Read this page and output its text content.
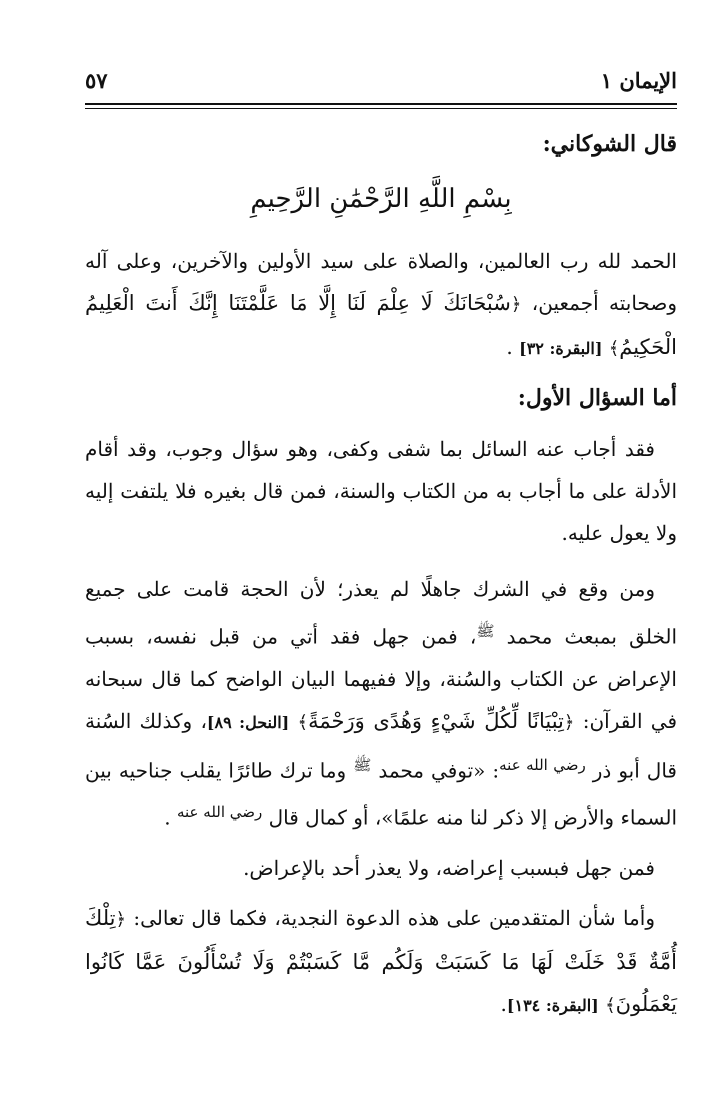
الإيمان ١
٥٧
قال الشوكاني:
بِسْمِ اللَّهِ الرَّحْمَٰنِ الرَّحِيمِ

الحمد لله رب العالمين، والصلاة على سيد الأولين والآخرين، وعلى آله وصحابته أجمعين، ﴿سُبْحَانَكَ لَا عِلْمَ لَنَا إِلَّا مَا عَلَّمْتَنَا إِنَّكَ أَنتَ الْعَلِيمُ الْحَكِيمُ﴾ [البقرة: ٣٢] .

أما السؤال الأول:

فقد أجاب عنه السائل بما شفى وكفى، وهو سؤال وجوب، وقد أقام الأدلة على ما أجاب به من الكتاب والسنة، فمن قال بغيره فلا يلتفت إليه ولا يعول عليه.

ومن وقع في الشرك جاهلًا لم يعذر؛ لأن الحجة قامت على جميع الخلق بمبعث محمد $^ﷺ$، فمن جهل فقد أتي من قبل نفسه، بسبب الإعراض عن الكتاب والسُنة، وإلا ففيهما البيان الواضح كما قال سبحانه في القرآن: ﴿تِبْيَانًا لِّكُلِّ شَيْءٍ وَهُدًى وَرَحْمَةً﴾ [النحل: ٨٩]، وكذلك السُنة قال أبو ذر $^{رضي الله عنه}$: «توفي محمد $^ﷺ$ وما ترك طائرًا يقلب جناحيه بين السماء والأرض إلا ذكر لنا منه علمًا»، أو كمال قال $^{رضي الله عنه}$ .

فمن جهل فبسبب إعراضه، ولا يعذر أحد بالإعراض.

وأما شأن المتقدمين على هذه الدعوة النجدية، فكما قال تعالى: ﴿تِلْكَ أُمَّةٌ قَدْ خَلَتْ لَهَا مَا كَسَبَتْ وَلَكُم مَّا كَسَبْتُمْ وَلَا تُسْأَلُونَ عَمَّا كَانُوا يَعْمَلُونَ﴾ [البقرة: ١٣٤].
